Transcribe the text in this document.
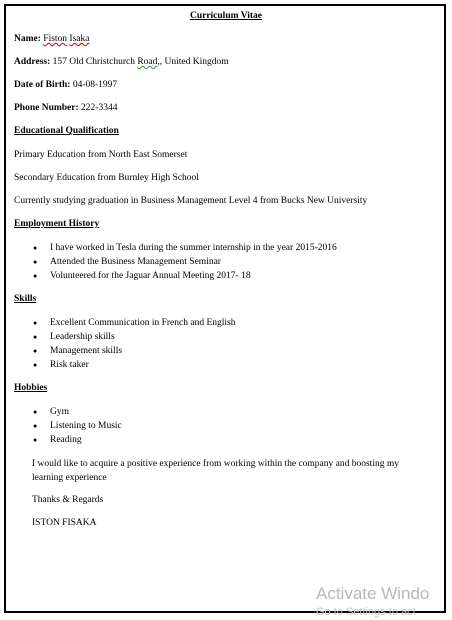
Curriculum Vitae
Name: Fiston Isaka
Address: 157 Old Christchurch Road,, United Kingdom
Date of Birth: 04-08-1997
Phone Number: 222-3344
Educational Qualification
Primary Education from North East Somerset
Secondary Education from Burnley High School
Currently studying graduation in Business Management Level 4 from Bucks New University
Employment History
● I have worked in Tesla during the summer internship in the year 2015-2016
● Attended the Business Management Seminar
● Volunteered for the Jaguar Annual Meeting 2017- 18
Skills
● Excellent Communication in French and English
● Leadership skills
● Management skills
● Risk taker
Hobbies
● Gym
● Listening to Music
● Reading
I would like to acquire a positive experience from working within the company and boosting my learning experience
Thanks & Regards
ISTON FISAKA
Activate Windo
Go to Settings to act
